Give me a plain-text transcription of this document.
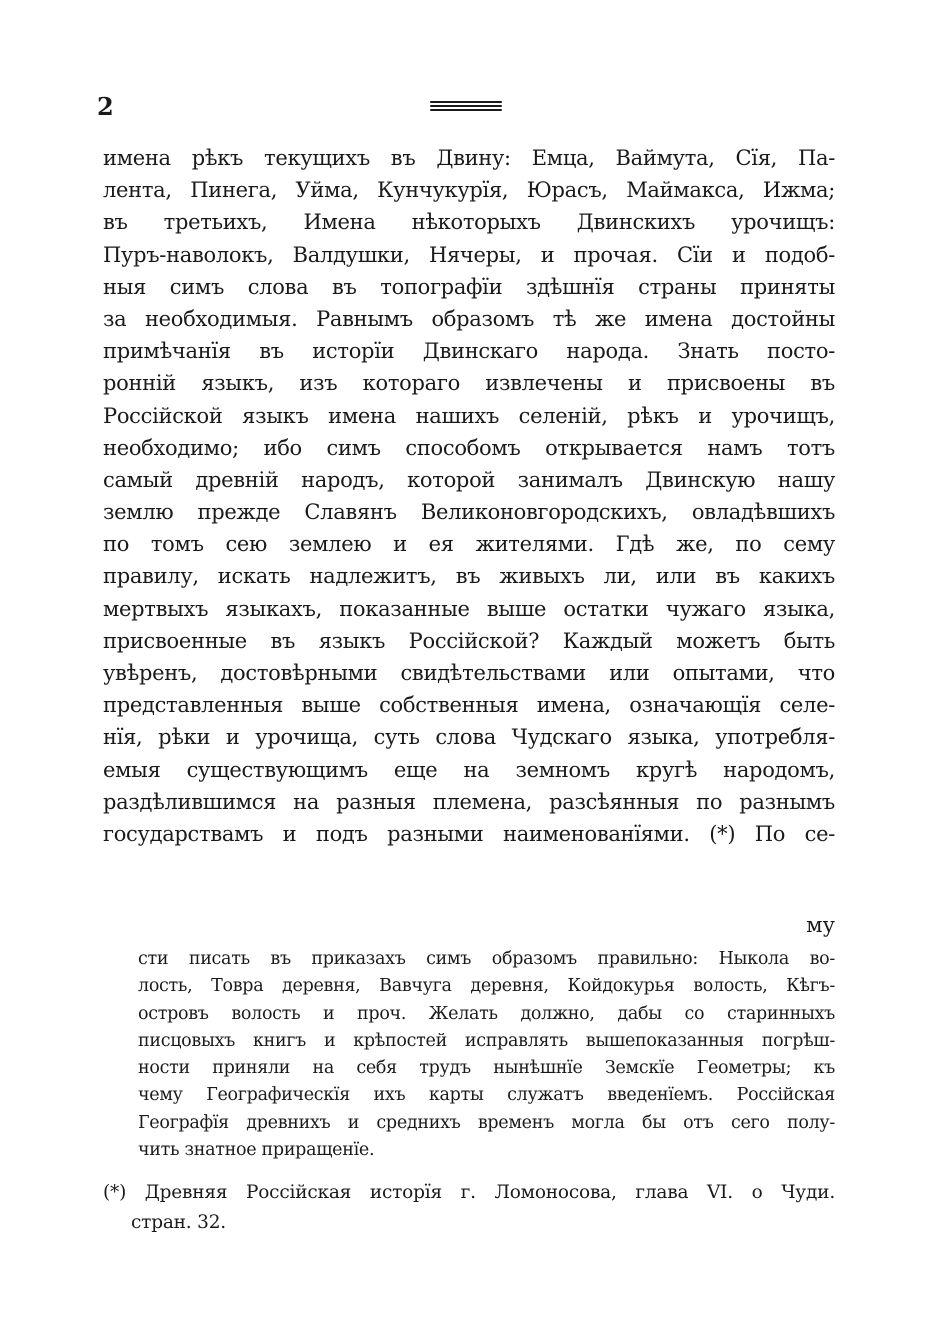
2
имена рѣкъ текущихъ въ Двину: Емца, Ваймута, Сїя, Па-
лента, Пинега, Уйма, Кунчукурїя, Юрасъ, Маймакса, Ижма;
въ третьихъ, Имена нѣкоторыхъ Двинскихъ урочищъ:
Пуръ-наволокъ, Валдушки, Нячеры, и прочая. Сїи и подоб-
ныя симъ слова въ топографїи здѣшнїя страны приняты
за необходимыя. Равнымъ образомъ тѣ же имена достойны
примѣчанїя въ исторїи Двинскаго народа. Знать посто-
ронній языкъ, изъ котораго извлечены и присвоены въ
Россійской языкъ имена нашихъ селеній, рѣкъ и урочищъ,
необходимо; ибо симъ способомъ открывается намъ тотъ
самый древній народъ, которой занималъ Двинскую нашу
землю прежде Славянъ Великоновгородскихъ, овладѣвшихъ
по томъ сею землею и ея жителями. Гдѣ же, по сему
правилу, искать надлежитъ, въ живыхъ ли, или въ какихъ
мертвыхъ языкахъ, показанные выше остатки чужаго языка,
присвоенные въ языкъ Россійской? Каждый можетъ быть
увѣренъ, достовѣрными свидѣтельствами или опытами, что
представленныя выше собственныя имена, означающїя селе-
нїя, рѣки и урочища, суть слова Чудскаго языка, употребля-
емыя существующимъ еще на земномъ кругѣ народомъ,
раздѣлившимся на разныя племена, разсѣянныя по разнымъ
государствамъ и подъ разными наименованїями. (*) По се-
му
сти писать въ приказахъ симъ образомъ правильно: Ныкола во-
лость, Товра деревня, Вавчуга деревня, Койдокурья волость, Кѣгъ-
островъ волость и проч. Желать должно, дабы со старинныхъ
писцовыхъ книгъ и крѣпостей исправлять вышепоказанныя погрѣш-
ности приняли на себя трудъ нынѣшнїе Земскїе Геометры; къ
чему Географическїя ихъ карты служатъ введенїемъ. Россійская
Географїя древнихъ и среднихъ временъ могла бы отъ сего полу-
чить знатное приращенїе.
(*) Древняя Россійская исторїя г. Ломоносова, глава VI. о Чуди.
стран. 32.
